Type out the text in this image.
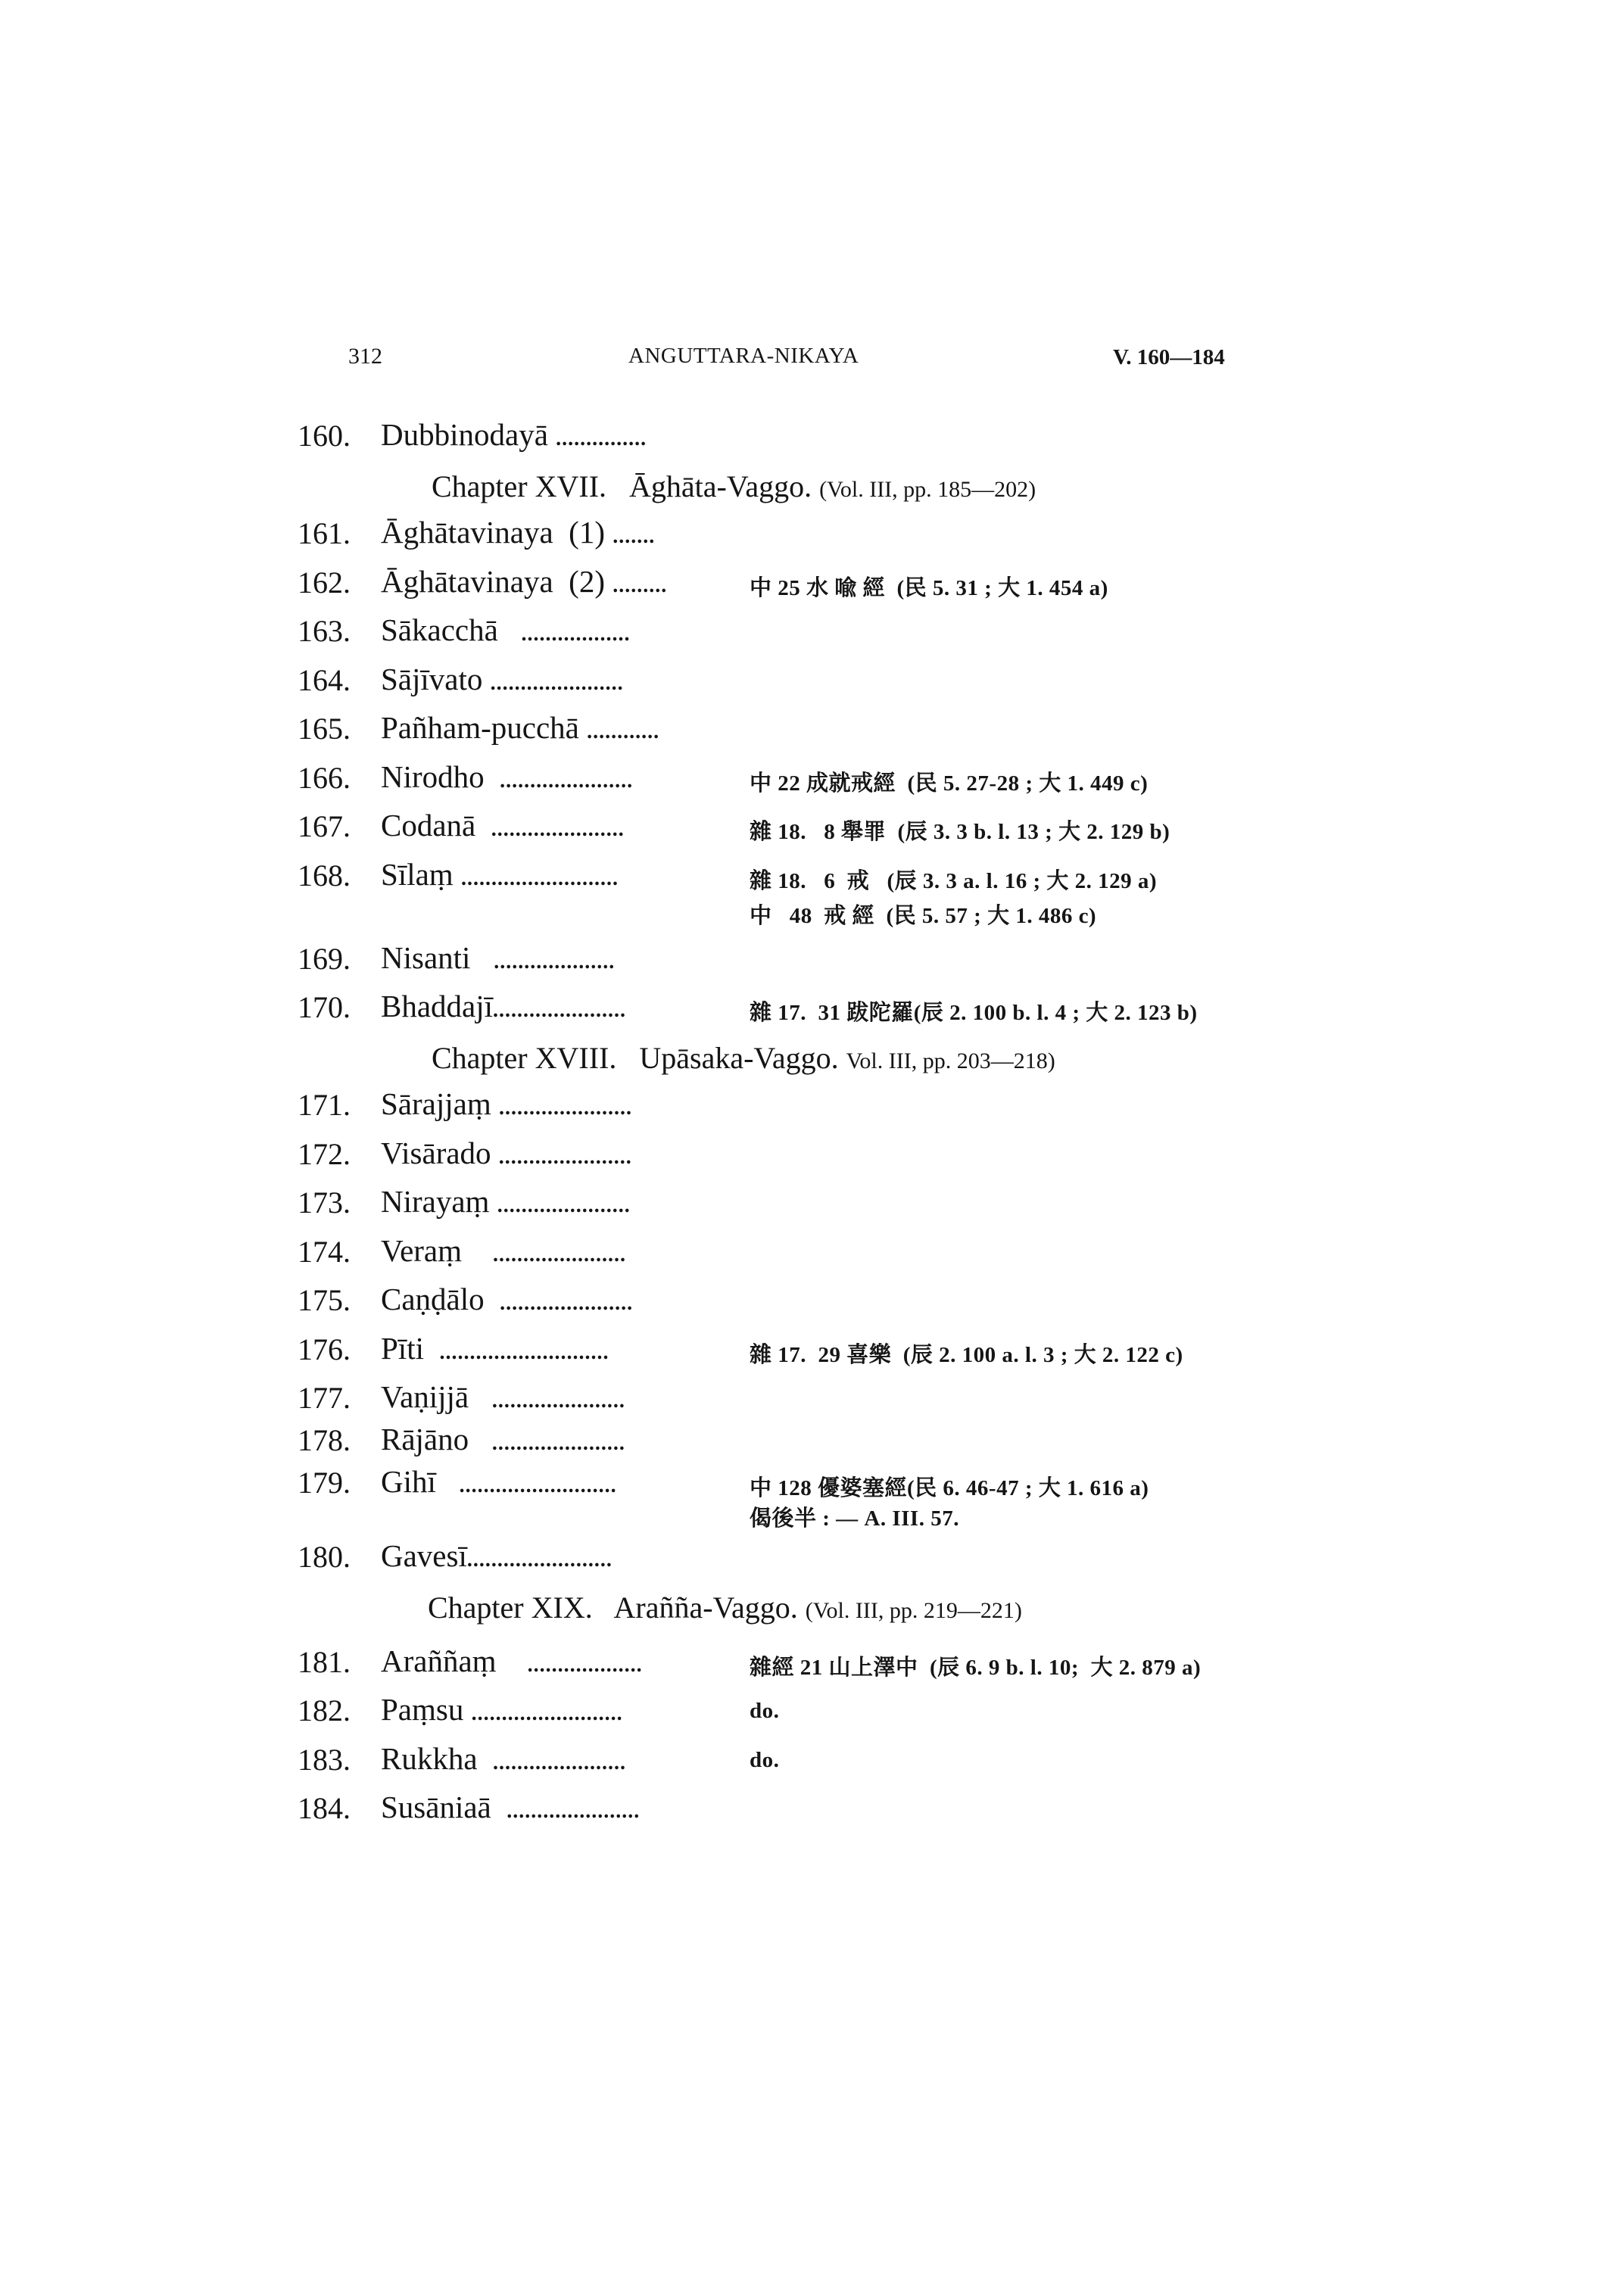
312	ANGUTTARA-NIKAYA	V. 160—184
160. Dubbinodayā ...............
Chapter XVII.   Āghāta-Vaggo. (Vol. III, pp. 185—202)
161. Āghātavinaya  (1) .......
162. Āghātavinaya  (2) .........	中 25 水 喩 經  (民 5. 31 ; 大 1. 454 a)
163. Sākacchā ..................
164. Sājīvato ......................
165. Pañham-pucchā ............
166. Nirodho ......................	中 22 成就戒經  (民 5. 27-28 ; 大 1. 449 c)
167. Codanā ......................	雜 18.   8 舉罪  (辰 3. 3 b. l. 13 ; 大 2. 129 b)
168. Sīlaṃ ..........................	雜 18.   6  戒   (辰 3. 3 a. l. 16 ; 大 2. 129 a)
中   48  戒 經  (民 5. 57 ; 大 1. 486 c)
169. Nisanti ....................
170. Bhaddajī......................	雜 17.  31 跋陀羅(辰 2. 100 b. l. 4 ; 大 2. 123 b)
Chapter XVIII.   Upāsaka-Vaggo. Vol. III, pp. 203—218)
171. Sārajjaṃ ......................
172. Visārado ......................
173. Nirayaṃ ......................
174. Veraṃ ......................
175. Caṇḍālo ......................
176. Pīti ............................	雜 17.  29 喜樂  (辰 2. 100 a. l. 3 ; 大 2. 122 c)
177. Vaṇijjā ......................
178. Rājāno ......................
179. Gihī ..........................	中 128 優婆塞經(民 6. 46-47 ; 大 1. 616 a)
偈後半 : — A. III. 57.
180. Gavesī........................
Chapter XIX.   Araññа-Vaggo. (Vol. III, pp. 219—221)
181. Araññaṃ ...................	雜經 21 山上澤中  (辰 6. 9 b. l. 10;  大 2. 879 a)
182. Paṃsu .........................	do.
183. Rukkha ......................	do.
184. Susāniaā ......................
